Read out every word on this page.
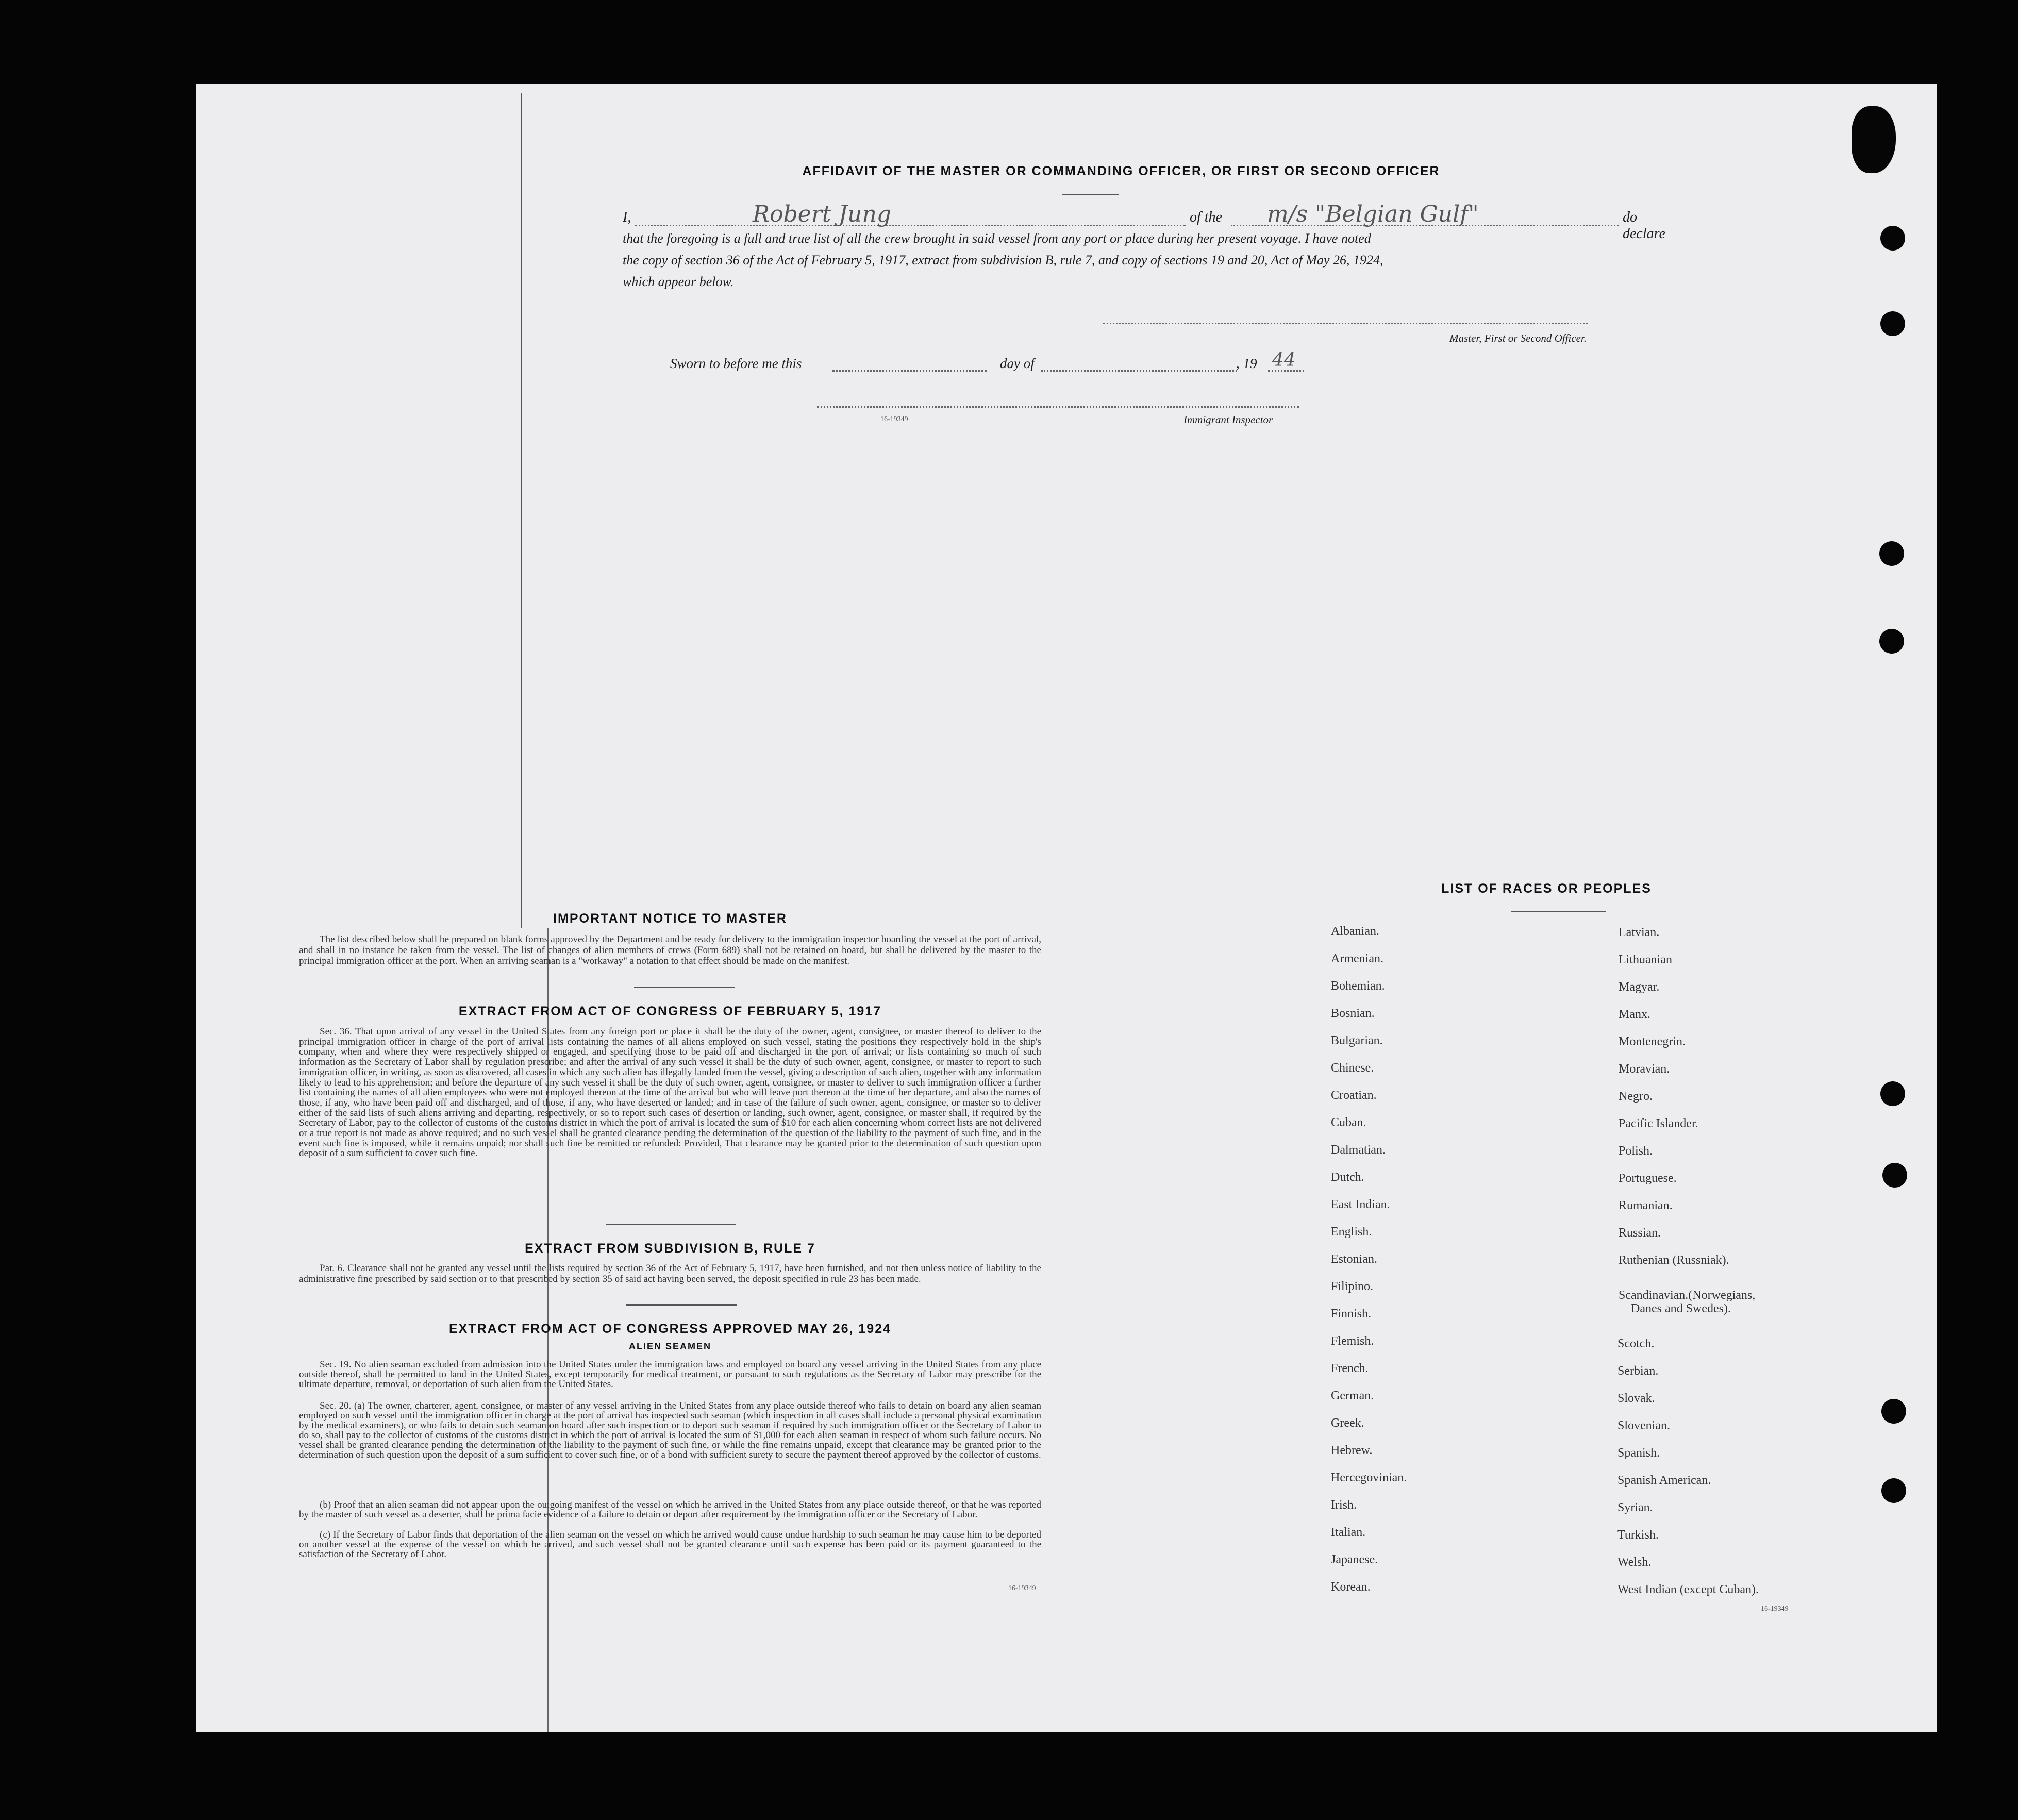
AFFIDAVIT OF THE MASTER OR COMMANDING OFFICER, OR FIRST OR SECOND OFFICER
I,	Robert Jung	of the m/s "Belgian Gulf"	do declare
that the foregoing is a full and true list of all the crew brought in said vessel from any port or place during her present voyage. I have noted
the copy of section 36 of the Act of February 5, 1917, extract from subdivision B, rule 7, and copy of sections 19 and 20, Act of May 26, 1924,
which appear below.
Master, First or Second Officer.
Sworn to before me this	day of	, 19 44
16-19349	Immigrant Inspector
IMPORTANT NOTICE TO MASTER
The list described below shall be prepared on blank forms approved by the Department and be ready for delivery to the immigration inspector boarding the vessel at the port of arrival, and shall in no instance be taken from the vessel. The list of changes of alien members of crews (Form 689) shall not be retained on board, but shall be delivered by the master to the principal immigration officer at the port. When an arriving seaman is a "workaway" a notation to that effect should be made on the manifest.
EXTRACT FROM ACT OF CONGRESS OF FEBRUARY 5, 1917
Sec. 36. That upon arrival of any vessel in the United States from any foreign port or place it shall be the duty of the owner, agent, consignee, or master thereof to deliver to the principal immigration officer in charge of the port of arrival lists containing the names of all aliens employed on such vessel, stating the positions they respectively hold in the ship's company, when and where they were respectively shipped or engaged, and specifying those to be paid off and discharged in the port of arrival; or lists containing so much of such information as the Secretary of Labor shall by regulation prescribe; and after the arrival of any such vessel it shall be the duty of such owner, agent, consignee, or master to report to such immigration officer, in writing, as soon as discovered, all cases in which any such alien has illegally landed from the vessel, giving a description of such alien, together with any information likely to lead to his apprehension; and before the departure of any such vessel it shall be the duty of such owner, agent, consignee, or master to deliver to such immigration officer a further list containing the names of all alien employees who were not employed thereon at the time of the arrival but who will leave port thereon at the time of her departure, and also the names of those, if any, who have been paid off and discharged, and of those, if any, who have deserted or landed; and in case of the failure of such owner, agent, consignee, or master so to deliver either of the said lists of such aliens arriving and departing, respectively, or so to report such cases of desertion or landing, such owner, agent, consignee, or master shall, if required by the Secretary of Labor, pay to the collector of customs of the customs district in which the port of arrival is located the sum of $10 for each alien concerning whom correct lists are not delivered or a true report is not made as above required; and no such vessel shall be granted clearance pending the determination of the question of the liability to the payment of such fine, and in the event such fine is imposed, while it remains unpaid; nor shall such fine be remitted or refunded: Provided, That clearance may be granted prior to the determination of such question upon deposit of a sum sufficient to cover such fine.
EXTRACT FROM SUBDIVISION B, RULE 7
Par. 6. Clearance shall not be granted any vessel until the lists required by section 36 of the Act of February 5, 1917, have been furnished, and not then unless notice of liability to the administrative fine prescribed by said section or to that prescribed by section 35 of said act having been served, the deposit specified in rule 23 has been made.
EXTRACT FROM ACT OF CONGRESS APPROVED MAY 26, 1924
ALIEN SEAMEN
Sec. 19. No alien seaman excluded from admission into the United States under the immigration laws and employed on board any vessel arriving in the United States from any place outside thereof, shall be permitted to land in the United States, except temporarily for medical treatment, or pursuant to such regulations as the Secretary of Labor may prescribe for the ultimate departure, removal, or deportation of such alien from the United States.
Sec. 20. (a) The owner, charterer, agent, consignee, or master of any vessel arriving in the United States from any place outside thereof who fails to detain on board any alien seaman employed on such vessel until the immigration officer in charge at the port of arrival has inspected such seaman (which inspection in all cases shall include a personal physical examination by the medical examiners), or who fails to detain such seaman on board after such inspection or to deport such seaman if required by such immigration officer or the Secretary of Labor to do so, shall pay to the collector of customs of the customs district in which the port of arrival is located the sum of $1,000 for each alien seaman in respect of whom such failure occurs. No vessel shall be granted clearance pending the determination of the liability to the payment of such fine, or while the fine remains unpaid, except that clearance may be granted prior to the determination of such question upon the deposit of a sum sufficient to cover such fine, or of a bond with sufficient surety to secure the payment thereof approved by the collector of customs.
(b) Proof that an alien seaman did not appear upon the outgoing manifest of the vessel on which he arrived in the United States from any place outside thereof, or that he was reported by the master of such vessel as a deserter, shall be prima facie evidence of a failure to detain or deport after requirement by the immigration officer or the Secretary of Labor.
(c) If the Secretary of Labor finds that deportation of the alien seaman on the vessel on which he arrived would cause undue hardship to such seaman he may cause him to be deported on another vessel at the expense of the vessel on which he arrived, and such vessel shall not be granted clearance until such expense has been paid or its payment guaranteed to the satisfaction of the Secretary of Labor.
16-19349
LIST OF RACES OR PEOPLES
Albanian.
Armenian.
Bohemian.
Bosnian.
Bulgarian.
Chinese.
Croatian.
Cuban.
Dalmatian.
Dutch.
East Indian.
English.
Estonian.
Filipino.
Finnish.
Flemish.
French.
German.
Greek.
Hebrew.
Hercegovinian.
Irish.
Italian.
Japanese.
Korean.
Latvian.
Lithuanian
Magyar.
Manx.
Montenegrin.
Moravian.
Negro.
Pacific Islander.
Polish.
Portuguese.
Rumanian.
Russian.
Ruthenian (Russniak).
Scandinavian.(Norwegians,
Danes and Swedes).
Scotch.
Serbian.
Slovak.
Slovenian.
Spanish.
Spanish American.
Syrian.
Turkish.
Welsh.
West Indian (except Cuban).
16-19349
